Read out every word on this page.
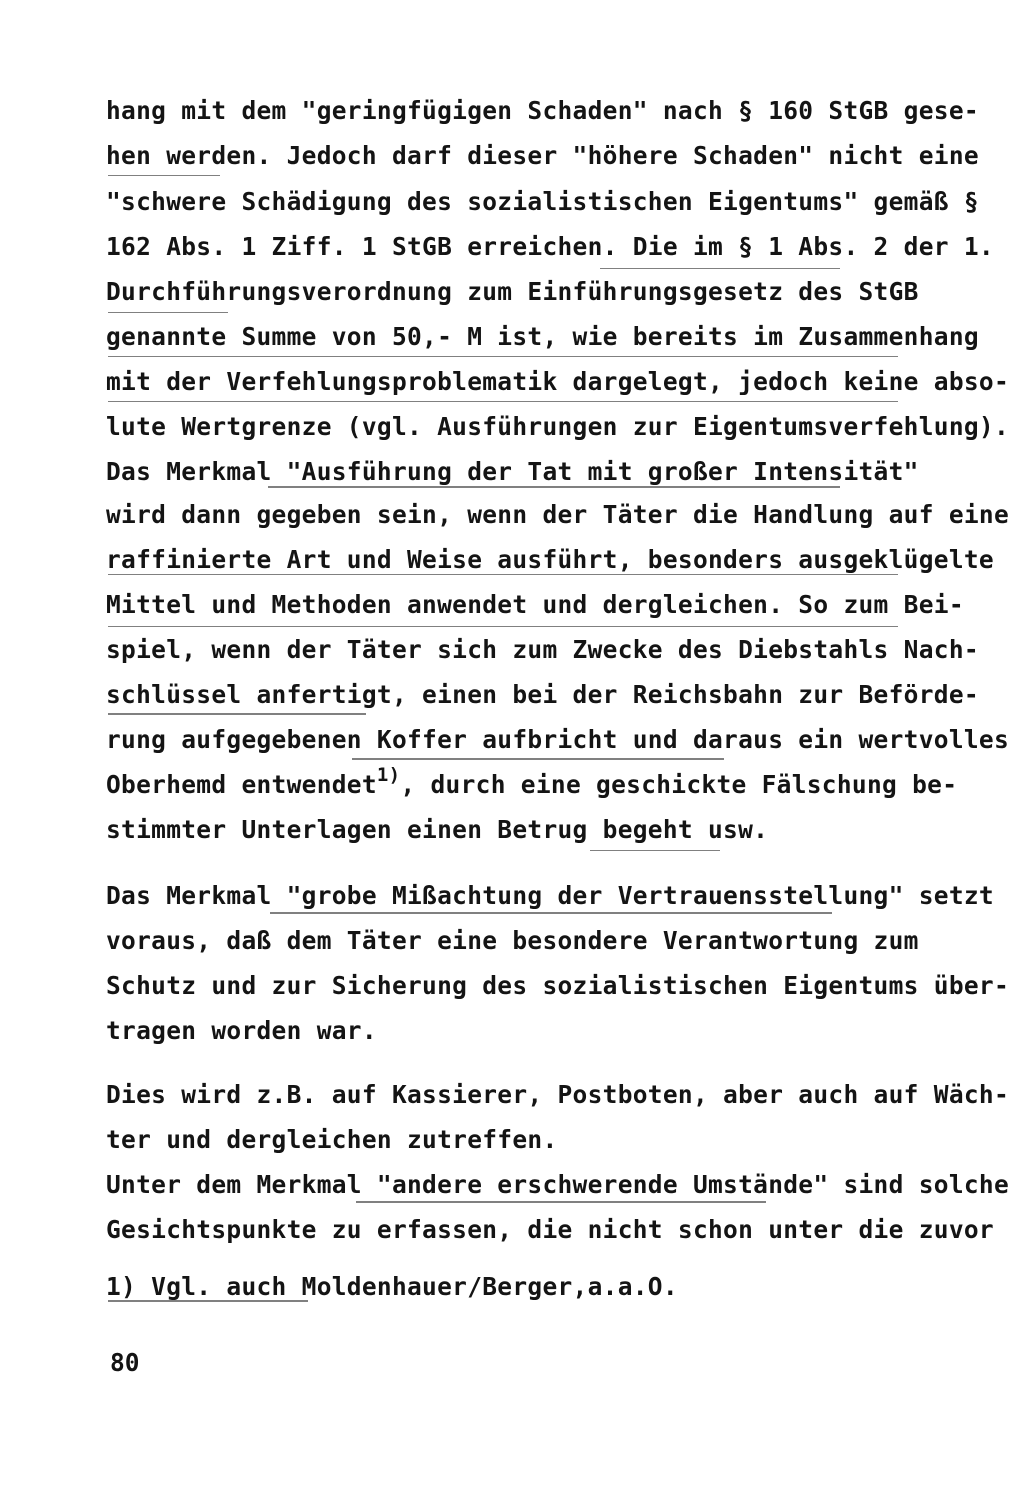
hang mit dem "geringfügigen Schaden" nach § 160 StGB gese-
hen werden. Jedoch darf dieser "höhere Schaden" nicht eine
"schwere Schädigung des sozialistischen Eigentums" gemäß §
162 Abs. 1 Ziff. 1 StGB erreichen. Die im § 1 Abs. 2 der 1.
Durchführungsverordnung zum Einführungsgesetz des StGB
genannte Summe von 50,- M ist, wie bereits im Zusammenhang
mit der Verfehlungsproblematik dargelegt, jedoch keine abso-
lute Wertgrenze (vgl. Ausführungen zur Eigentumsverfehlung).
Das Merkmal "Ausführung der Tat mit großer Intensität"
wird dann gegeben sein, wenn der Täter die Handlung auf eine
raffinierte Art und Weise ausführt, besonders ausgeklügelte
Mittel und Methoden anwendet und dergleichen. So zum Bei-
spiel, wenn der Täter sich zum Zwecke des Diebstahls Nach-
schlüssel anfertigt, einen bei der Reichsbahn zur Beförde-
rung aufgegebenen Koffer aufbricht und daraus ein wertvolles
Oberhemd entwendet$^{1)}$, durch eine geschickte Fälschung be-
stimmter Unterlagen einen Betrug begeht usw.
Das Merkmal "grobe Mißachtung der Vertrauensstellung" setzt
voraus, daß dem Täter eine besondere Verantwortung zum
Schutz und zur Sicherung des sozialistischen Eigentums über-
tragen worden war.
Dies wird z.B. auf Kassierer, Postboten, aber auch auf Wäch-
ter und dergleichen zutreffen.
Unter dem Merkmal "andere erschwerende Umstände" sind solche
Gesichtspunkte zu erfassen, die nicht schon unter die zuvor
1) Vgl. auch Moldenhauer/Berger,a.a.O.
80
